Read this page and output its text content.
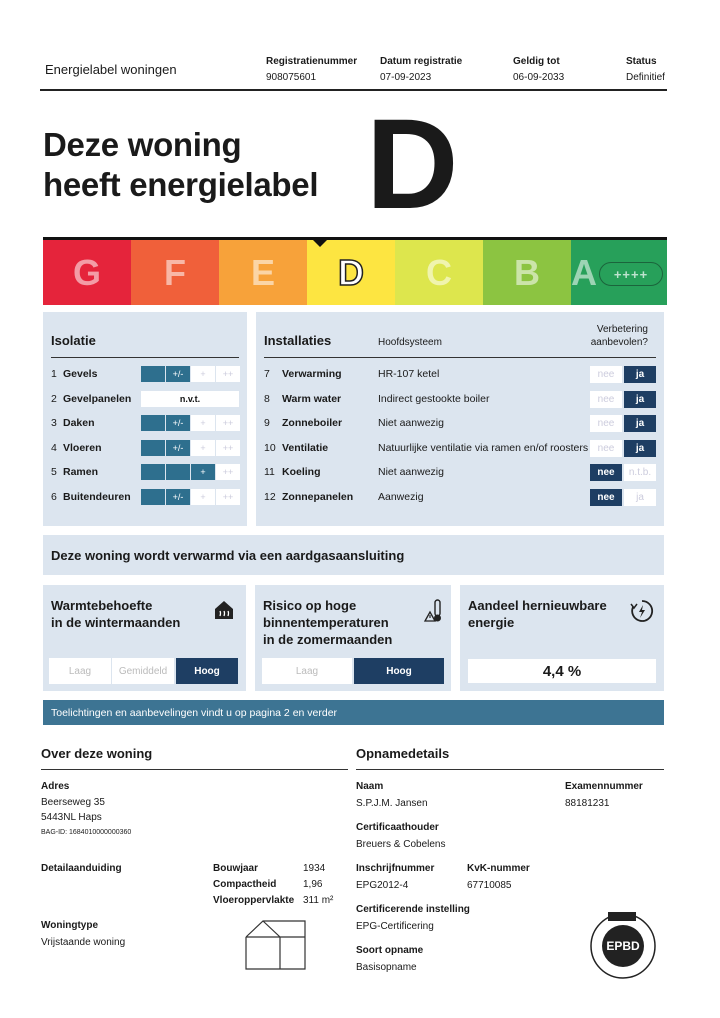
Energielabel woningen
Registratienummer
908075601
Datum registratie
07-09-2023
Geldig tot
06-09-2033
Status
Definitief
Deze woning
heeft energielabel D
G F E D C B A	++++
Isolatie
1 Gevels	+/-	+	++
2 Gevelpanelen	n.v.t.
3 Daken	+/-	+	++
4 Vloeren	+/-	+	++
5 Ramen	+	++
6 Buitendeuren	+/-	+	++
Installaties	Hoofdsysteem
Verbetering aanbevolen?
7 Verwarming	HR-107 ketel	nee	ja
8 Warm water	Indirect gestookte boiler	nee	ja
9 Zonneboiler	Niet aanwezig	nee	ja
10 Ventilatie	Natuurlijke ventilatie via ramen en/of roosters nee	ja
11 Koeling	Niet aanwezig	nee	n.t.b.
12 Zonnepanelen Aanwezig	nee	ja
Deze woning wordt verwarmd via een aardgasaansluiting
Warmtebehoefte
in de wintermaanden
Laag	Gemiddeld	Hoog
Risico op hoge
binnentemperaturen
in de zomermaanden
Laag	Hoog
Aandeel hernieuwbare
energie
4,4 %
Toelichtingen en aanbevelingen vindt u op pagina 2 en verder
Over deze woning
Adres
Beerseweg 35
5443NL Haps
BAG-ID: 1684010000000360
Detailaanduiding	Bouwjaar	1934
Compactheid	1,96
Vloeroppervlakte 311 m²
Woningtype
Vrijstaande woning
Opnamedetails
Naam
S.P.J.M. Jansen
Examennummer
88181231
Certificaathouder
Breuers & Cobelens
Inschrijfnummer
EPG2012-4
KvK-nummer
67710085
Certificerende instelling
EPG-Certificering
Soort opname
Basisopname
EPBD
